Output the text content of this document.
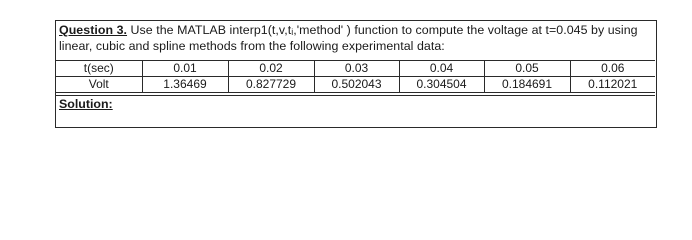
Question 3. Use the MATLAB interp1(t,v,tᵢ,'method' ) function to compute the voltage at t=0.045 by using linear, cubic and spline methods from the following experimental data:
t(sec)	0.01	0.02	0.03	0.04	0.05	0.06
Volt	1.36469	0.827729	0.502043	0.304504	0.184691	0.112021
Solution:
